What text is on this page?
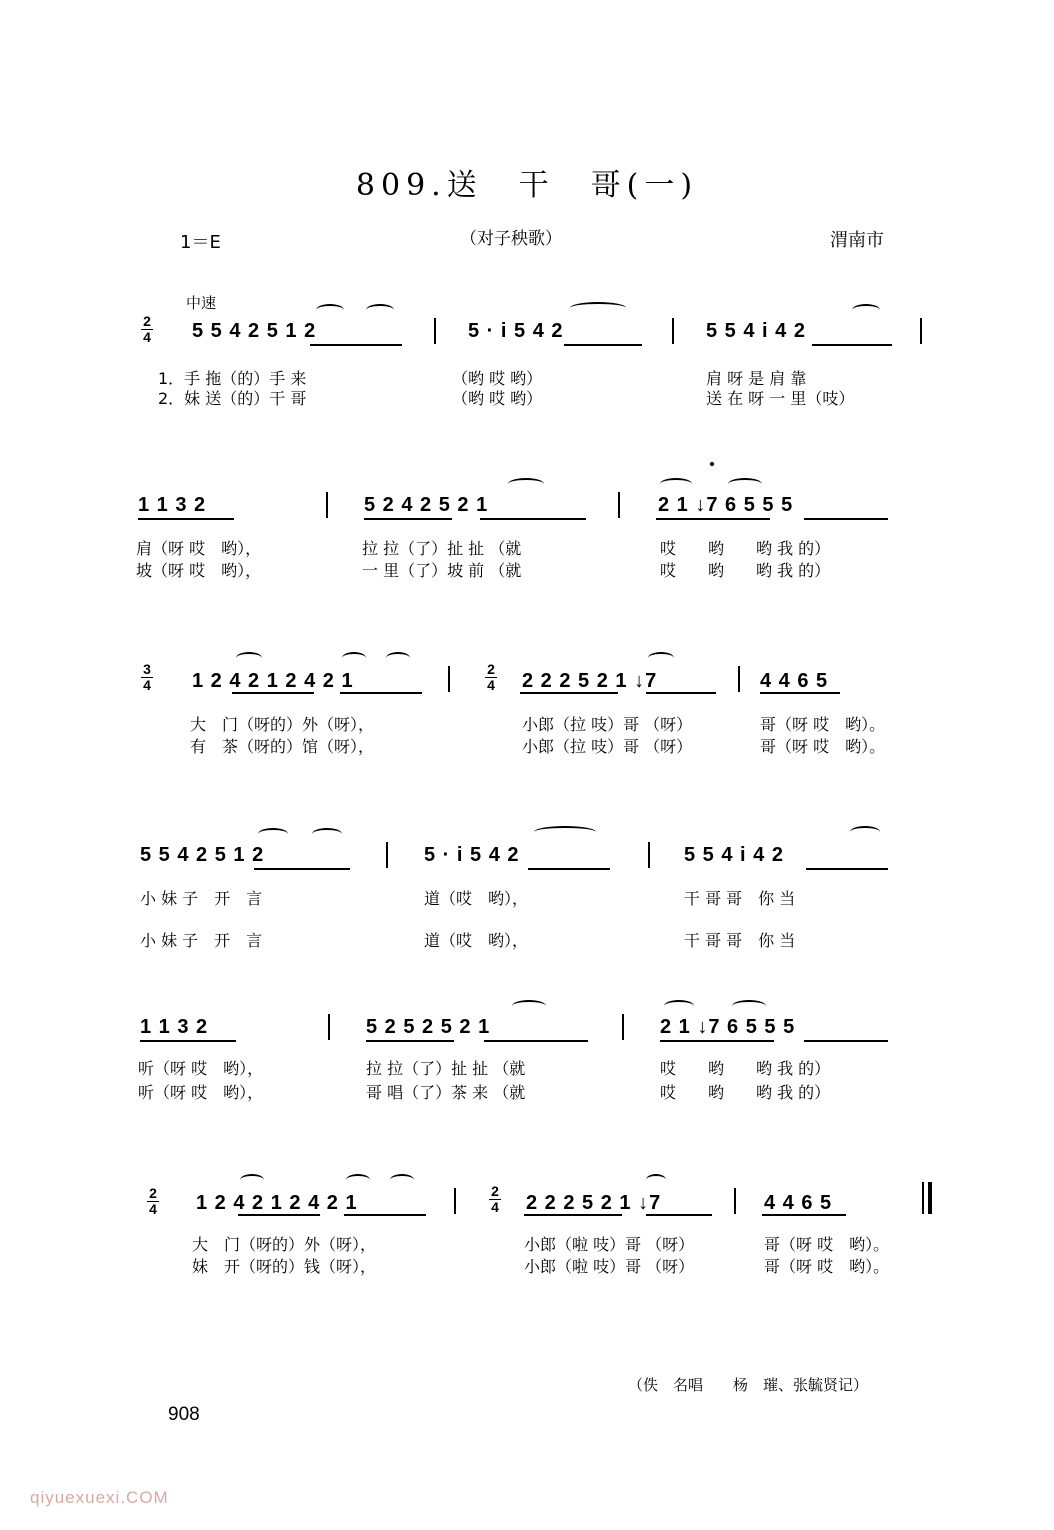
809.送　干　哥(一)
1＝E	（对子秧歌）	渭南市
中速
2
4 5 5 4 2 5 1 2	5 · i 5 4 2	5 5 4 i 4 2
1．手 拖（的）手 来	（哟 哎 哟）	肩 呀 是 肩 靠
2．妹 送（的）干 哥	（哟 哎 哟）	送 在 呀 一 里（吱）
1 1 3 2	5 2 4 2 5 2 1	2 1 ↓7 6 5 5 5
肩（呀 哎　哟），	拉 拉（了）扯 扯 （就	哎　　哟　　哟 我 的）
坡（呀 哎　哟），	一 里（了）坡 前 （就	哎　　哟　　哟 我 的）
3
4 1 2 4 2 1 2 4 2 1
2
4 2 2 2 5 2 1 ↓7	4 4 6 5
大　门（呀的）外（呀），	小郎（拉 吱）哥 （呀）	哥（呀 哎　哟）。
有　茶（呀的）馆（呀），	小郎（拉 吱）哥 （呀）	哥（呀 哎　哟）。
5 5 4 2 5 1 2	5 · i 5 4 2	5 5 4 i 4 2
小 妹 子　开　言	道（哎　哟），	干 哥 哥　你 当
小 妹 子　开　言	道（哎　哟），	干 哥 哥　你 当
1 1 3 2	5 2 5 2 5 2 1	2 1 ↓7 6 5 5 5
听（呀 哎　哟），	拉 拉（了）扯 扯 （就	哎　　哟　　哟 我 的）
听（呀 哎　哟），	哥 唱（了）茶 来 （就	哎　　哟　　哟 我 的）
2
4 1 2 4 2 1 2 4 2 1
2
4 2 2 2 5 2 1 ↓7	4 4 6 5
大　门（呀的）外（呀），	小郎（啦 吱）哥 （呀）	哥（呀 哎　哟）。
妹　开（呀的）钱（呀），	小郎（啦 吱）哥 （呀）	哥（呀 哎　哟）。
（佚　名唱　　杨　璀、张毓贤记）
908
qiyuexuexi.COM
